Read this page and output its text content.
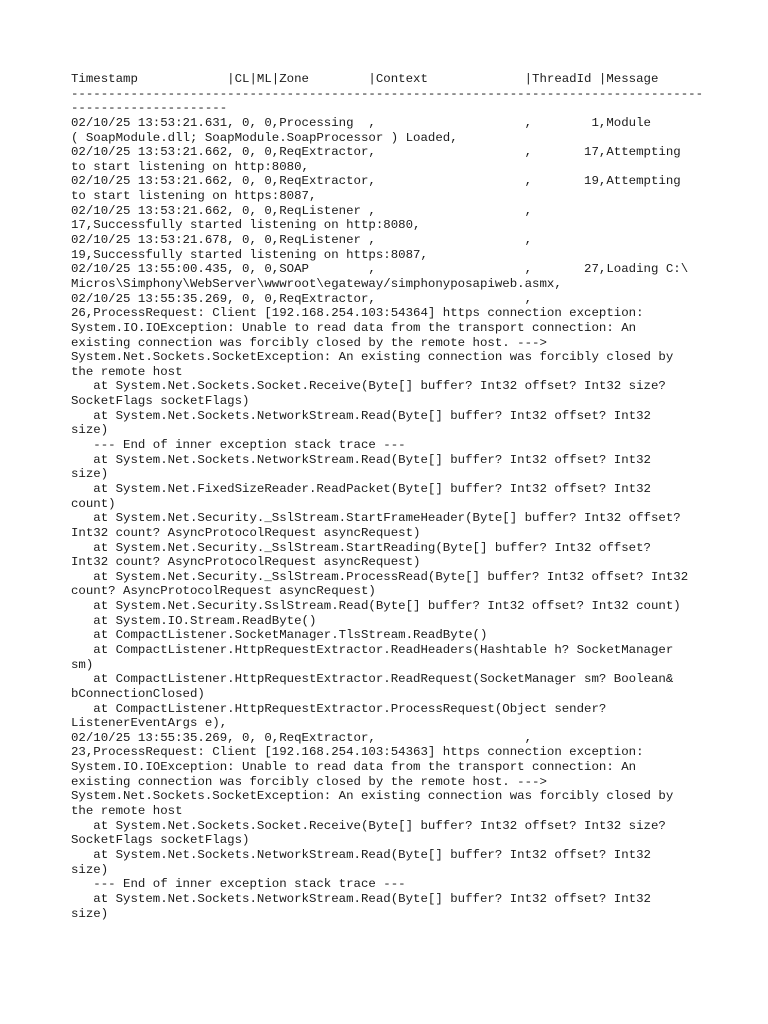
Timestamp            |CL|ML|Zone        |Context             |ThreadId |Message
-------------------------------------------------------------------------------------
---------------------
02/10/25 13:53:21.631, 0, 0,Processing  ,                    ,        1,Module
( SoapModule.dll; SoapModule.SoapProcessor ) Loaded,
02/10/25 13:53:21.662, 0, 0,ReqExtractor,                    ,       17,Attempting
to start listening on http:8080,
02/10/25 13:53:21.662, 0, 0,ReqExtractor,                    ,       19,Attempting
to start listening on https:8087,
02/10/25 13:53:21.662, 0, 0,ReqListener ,                    ,
17,Successfully started listening on http:8080,
02/10/25 13:53:21.678, 0, 0,ReqListener ,                    ,
19,Successfully started listening on https:8087,
02/10/25 13:55:00.435, 0, 0,SOAP        ,                    ,       27,Loading C:\
Micros\Simphony\WebServer\wwwroot\egateway/simphonyposapiweb.asmx,
02/10/25 13:55:35.269, 0, 0,ReqExtractor,                    ,
26,ProcessRequest: Client [192.168.254.103:54364] https connection exception:
System.IO.IOException: Unable to read data from the transport connection: An
existing connection was forcibly closed by the remote host. --->
System.Net.Sockets.SocketException: An existing connection was forcibly closed by
the remote host
at System.Net.Sockets.Socket.Receive(Byte[] buffer? Int32 offset? Int32 size?
SocketFlags socketFlags)
at System.Net.Sockets.NetworkStream.Read(Byte[] buffer? Int32 offset? Int32
size)
--- End of inner exception stack trace ---
at System.Net.Sockets.NetworkStream.Read(Byte[] buffer? Int32 offset? Int32
size)
at System.Net.FixedSizeReader.ReadPacket(Byte[] buffer? Int32 offset? Int32
count)
at System.Net.Security._SslStream.StartFrameHeader(Byte[] buffer? Int32 offset?
Int32 count? AsyncProtocolRequest asyncRequest)
at System.Net.Security._SslStream.StartReading(Byte[] buffer? Int32 offset?
Int32 count? AsyncProtocolRequest asyncRequest)
at System.Net.Security._SslStream.ProcessRead(Byte[] buffer? Int32 offset? Int32
count? AsyncProtocolRequest asyncRequest)
at System.Net.Security.SslStream.Read(Byte[] buffer? Int32 offset? Int32 count)
at System.IO.Stream.ReadByte()
at CompactListener.SocketManager.TlsStream.ReadByte()
at CompactListener.HttpRequestExtractor.ReadHeaders(Hashtable h? SocketManager
sm)
at CompactListener.HttpRequestExtractor.ReadRequest(SocketManager sm? Boolean&
bConnectionClosed)
at CompactListener.HttpRequestExtractor.ProcessRequest(Object sender?
ListenerEventArgs e),
02/10/25 13:55:35.269, 0, 0,ReqExtractor,                    ,
23,ProcessRequest: Client [192.168.254.103:54363] https connection exception:
System.IO.IOException: Unable to read data from the transport connection: An
existing connection was forcibly closed by the remote host. --->
System.Net.Sockets.SocketException: An existing connection was forcibly closed by
the remote host
at System.Net.Sockets.Socket.Receive(Byte[] buffer? Int32 offset? Int32 size?
SocketFlags socketFlags)
at System.Net.Sockets.NetworkStream.Read(Byte[] buffer? Int32 offset? Int32
size)
--- End of inner exception stack trace ---
at System.Net.Sockets.NetworkStream.Read(Byte[] buffer? Int32 offset? Int32
size)
